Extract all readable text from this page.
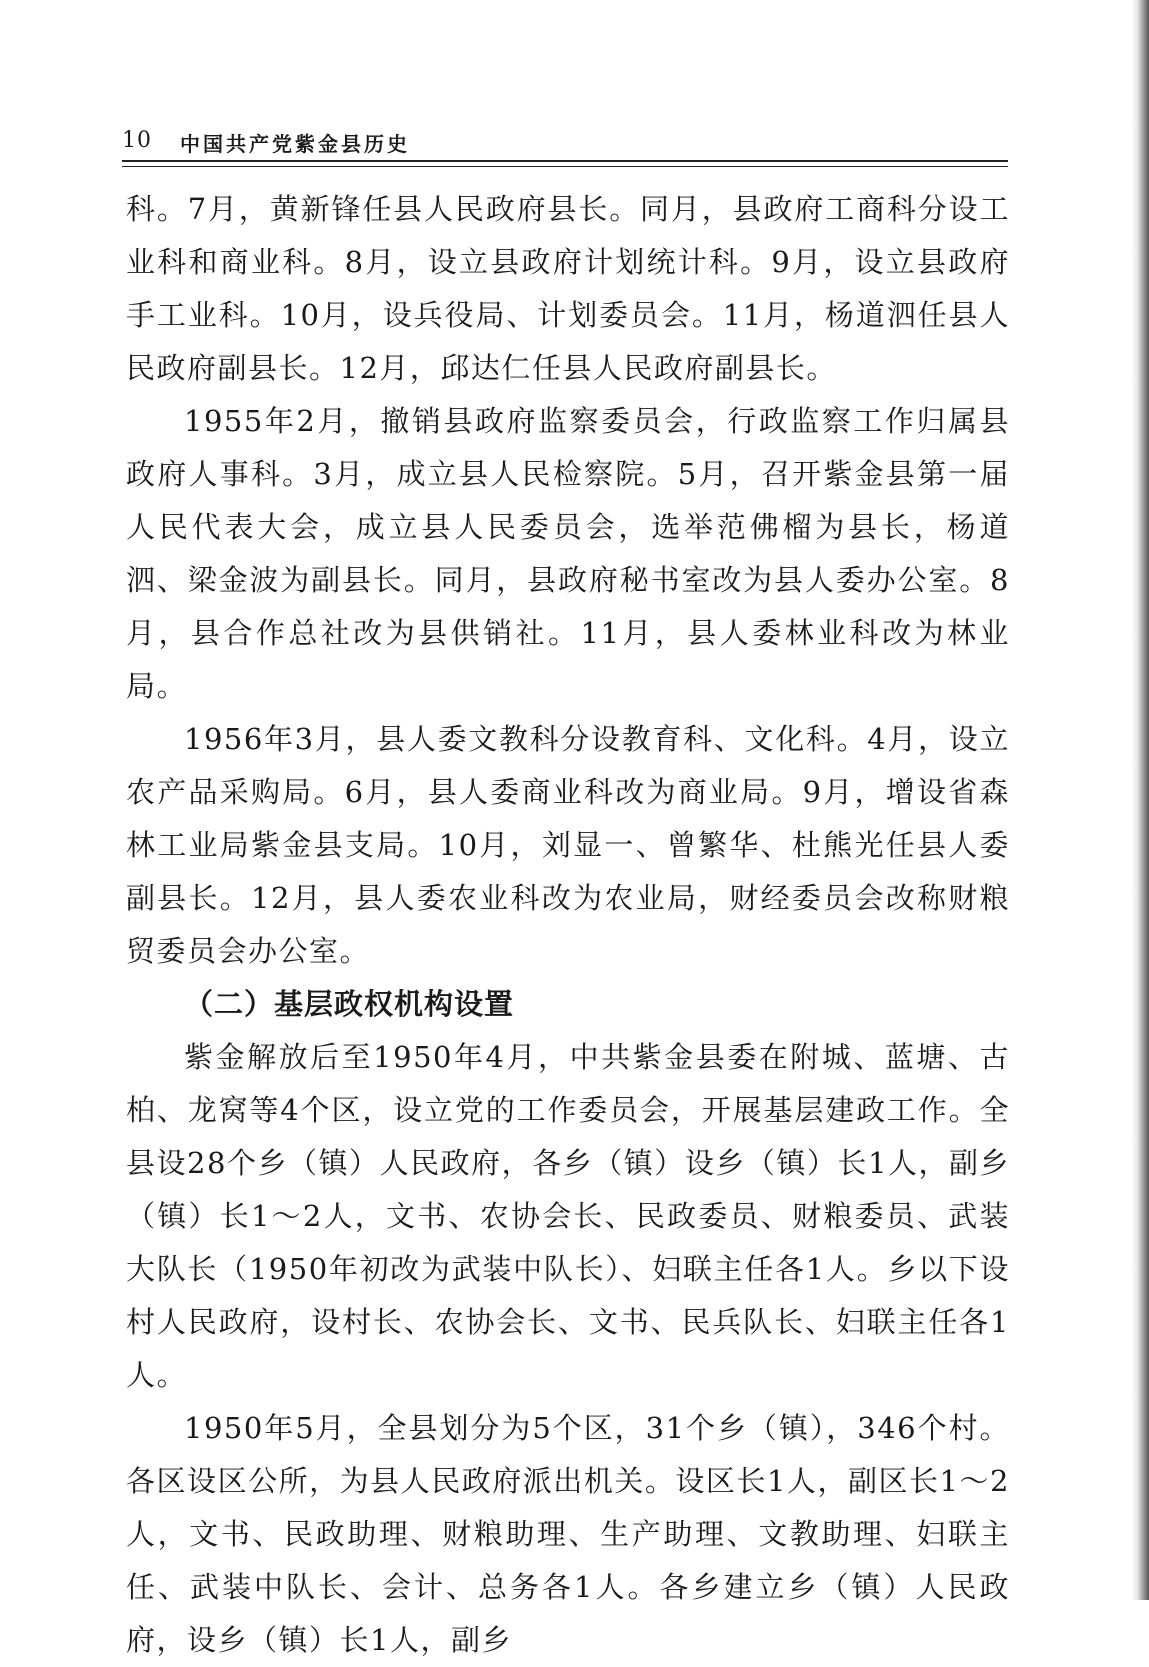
10 中国共产党紫金县历史

科。7月，黄新锋任县人民政府县长。同月，县政府工商科分设工业科和商业科。8月，设立县政府计划统计科。9月，设立县政府手工业科。10月，设兵役局、计划委员会。11月，杨道泗任县人民政府副县长。12月，邱达仁任县人民政府副县长。

1955年2月，撤销县政府监察委员会，行政监察工作归属县政府人事科。3月，成立县人民检察院。5月，召开紫金县第一届人民代表大会，成立县人民委员会，选举范佛榴为县长，杨道泗、梁金波为副县长。同月，县政府秘书室改为县人委办公室。8月，县合作总社改为县供销社。11月，县人委林业科改为林业局。

1956年3月，县人委文教科分设教育科、文化科。4月，设立农产品采购局。6月，县人委商业科改为商业局。9月，增设省森林工业局紫金县支局。10月，刘显一、曾繁华、杜熊光任县人委副县长。12月，县人委农业科改为农业局，财经委员会改称财粮贸委员会办公室。

（二）基层政权机构设置

紫金解放后至1950年4月，中共紫金县委在附城、蓝塘、古柏、龙窝等4个区，设立党的工作委员会，开展基层建政工作。全县设28个乡（镇）人民政府，各乡（镇）设乡（镇）长1人，副乡（镇）长1～2人，文书、农协会长、民政委员、财粮委员、武装大队长（1950年初改为武装中队长）、妇联主任各1人。乡以下设村人民政府，设村长、农协会长、文书、民兵队长、妇联主任各1人。

1950年5月，全县划分为5个区，31个乡（镇），346个村。各区设区公所，为县人民政府派出机关。设区长1人，副区长1～2人，文书、民政助理、财粮助理、生产助理、文教助理、妇联主任、武装中队长、会计、总务各1人。各乡建立乡（镇）人民政府，设乡（镇）长1人，副乡
